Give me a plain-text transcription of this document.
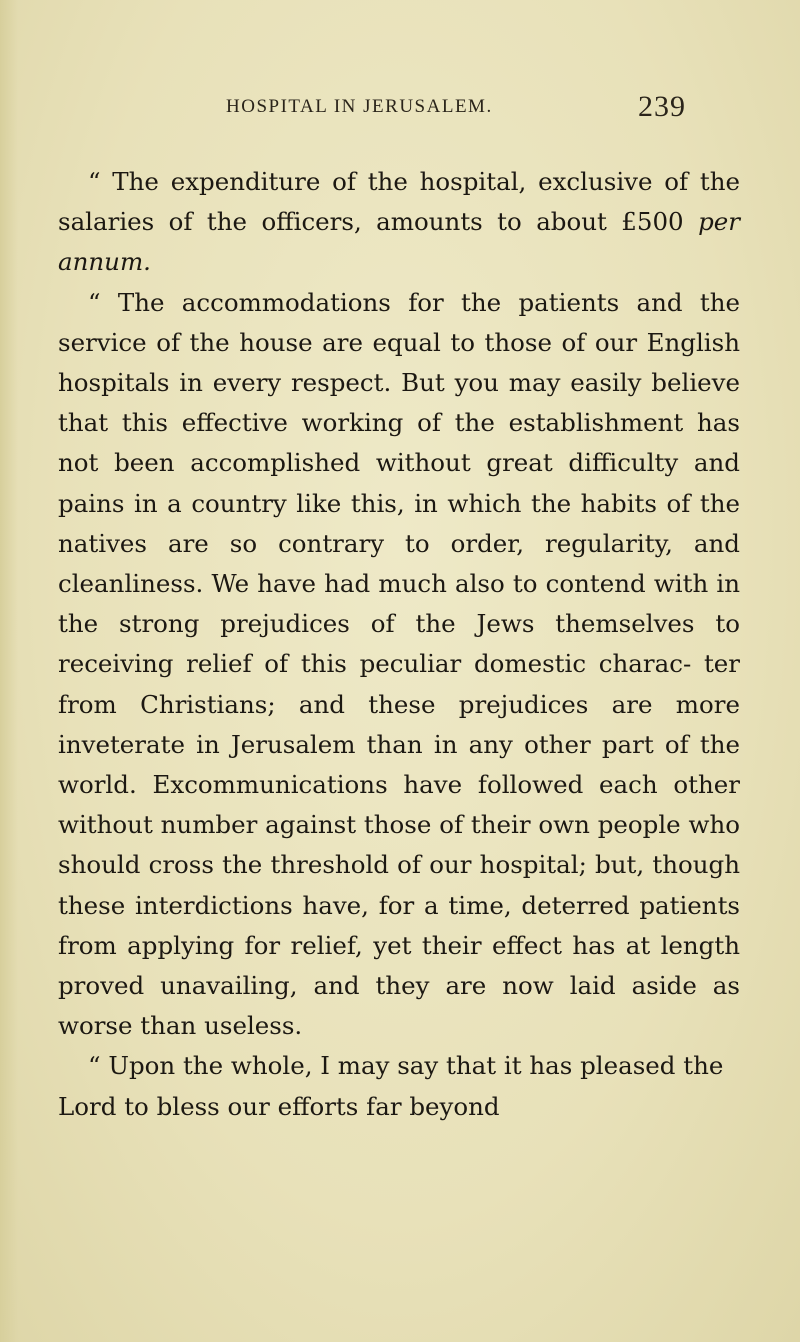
HOSPITAL IN JERUSALEM.	239

“ The expenditure of the hospital, exclusive of the salaries of the officers, amounts to about £500 per annum.

“ The accommodations for the patients and the service of the house are equal to those of our English hospitals in every respect. But you may easily believe that this effective working of the establishment has not been accomplished without great difficulty and pains in a country like this, in which the habits of the natives are so contrary to order, regularity, and cleanliness. We have had much also to contend with in the strong prejudices of the Jews themselves to receiving relief of this peculiar domestic charac- ter from Christians; and these prejudices are more inveterate in Jerusalem than in any other part of the world. Excommunications have followed each other without number against those of their own people who should cross the threshold of our hospital; but, though these interdictions have, for a time, deterred patients from applying for relief, yet their effect has at length proved unavailing, and they are now laid aside as worse than useless.

“ Upon the whole, I may say that it has pleased the Lord to bless our efforts far beyond
